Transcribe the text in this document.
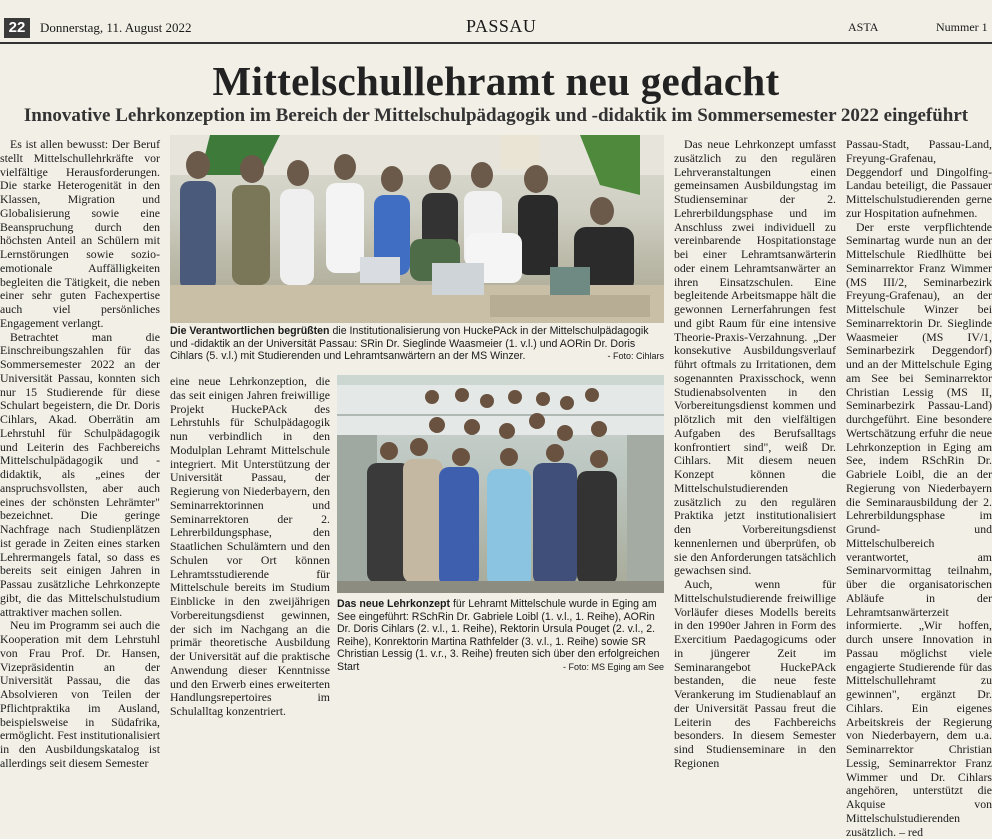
22	Donnerstag, 11. August 2022	PASSAU	ASTA	Nummer 1
Mittelschullehramt neu gedacht
Innovative Lehrkonzeption im Bereich der Mittelschulpädagogik und -didaktik im Sommersemester 2022 eingeführt

Es ist allen bewusst: Der Beruf stellt Mittelschullehrkräfte vor vielfältige Herausforderungen. Die starke Heterogenität in den Klassen, Migration und Globalisierung sowie eine Beanspruchung durch den höchsten Anteil an Schülern mit Lernstörungen sowie sozio-emotionale Auffälligkeiten begleiten die Tätigkeit, die neben einer sehr guten Fachexpertise auch viel persönliches Engagement verlangt.

Betrachtet man die Einschreibungszahlen für das Sommersemester 2022 an der Universität Passau, konnten sich nur 15 Studierende für diese Schulart begeistern, die Dr. Doris Cihlars, Akad. Oberrätin am Lehrstuhl für Schulpädagogik und Leiterin des Fachbereichs Mittelschulpädagogik und -didaktik, als „eines der anspruchsvollsten, aber auch eines der schönsten Lehrämter" bezeichnet. Die geringe Nachfrage nach Studienplätzen ist gerade in Zeiten eines starken Lehrermangels fatal, so dass es bereits seit einigen Jahren in Passau zusätzliche Lehrkonzepte gibt, die das Mittelschulstudium attraktiver machen sollen.

Neu im Programm sei auch die Kooperation mit dem Lehrstuhl von Frau Prof. Dr. Hansen, Vizepräsidentin an der Universität Passau, die das Absolvieren von Teilen der Pflichtpraktika im Ausland, beispielsweise in Südafrika, ermöglicht. Fest institutionalisiert in den Ausbildungskatalog ist allerdings seit diesem Semester

Die Verantwortlichen begrüßten die Institutionalisierung von HuckePAck in der Mittelschulpädagogik und -didaktik an der Universität Passau: SRin Dr. Sieglinde Waasmeier (1. v.l.) und AORin Dr. Doris Cihlars (5. v.l.) mit Studierenden und Lehramtsanwärtern an der MS Winzer.	- Foto: Cihlars

eine neue Lehrkonzeption, die das seit einigen Jahren freiwillige Projekt HuckePAck des Lehrstuhls für Schulpädagogik nun verbindlich in den Modulplan Lehramt Mittelschule integriert. Mit Unterstützung der Universität Passau, der Regierung von Niederbayern, den Seminarrektorinnen und Seminarrektoren der 2. Lehrerbildungsphase, den Staatlichen Schulämtern und den Schulen vor Ort können Lehramtsstudierende für Mittelschule bereits im Studium Einblicke in den zweijährigen Vorbereitungsdienst gewinnen, der sich im Nachgang an die primär theoretische Ausbildung der Universität auf die praktische Anwendung dieser Kenntnisse und den Erwerb eines erweiterten Handlungsrepertoires im Schulalltag konzentriert.

Das neue Lehrkonzept für Lehramt Mittelschule wurde in Eging am See eingeführt: RSchRin Dr. Gabriele Loibl (1. v.l., 1. Reihe), AORin Dr. Doris Cihlars (2. v.l., 1. Reihe), Rektorin Ursula Pouget (2. v.l., 2. Reihe), Konrektorin Martina Rathfelder (3. v.l., 1. Reihe) sowie SR Christian Lessig (1. v.r., 3. Reihe) freuten sich über den erfolgreichen Start	- Foto: MS Eging am See

Das neue Lehrkonzept umfasst zusätzlich zu den regulären Lehrveranstaltungen einen gemeinsamen Ausbildungstag im Studienseminar der 2. Lehrerbildungsphase und im Anschluss zwei individuell zu vereinbarende Hospitationstage bei einer Lehramtsanwärterin oder einem Lehramtsanwärter an ihren Einsatzschulen. Eine begleitende Arbeitsmappe hält die gewonnen Lernerfahrungen fest und gibt Raum für eine intensive Theorie-Praxis-Verzahnung. „Der konsekutive Ausbildungsverlauf führt oftmals zu Irritationen, dem sogenannten Praxisschock, wenn Studienabsolventen in den Vorbereitungsdienst kommen und plötzlich mit den vielfältigen Aufgaben des Berufsalltags konfrontiert sind", weiß Dr. Cihlars. Mit diesem neuen Konzept können die Mittelschulstudierenden zusätzlich zu den regulären Praktika jetzt institutionalisiert den Vorbereitungsdienst kennenlernen und überprüfen, ob sie den Anforderungen tatsächlich gewachsen sind.

Auch, wenn für Mittelschulstudierende freiwillige Vorläufer dieses Modells bereits in den 1990er Jahren in Form des Exercitium Paedagogicums oder in jüngerer Zeit im Seminarangebot HuckePAck bestanden, die neue feste Verankerung im Studienablauf an der Universität Passau freut die Leiterin des Fachbereichs besonders. In diesem Semester sind Studienseminare in den Regionen

Passau-Stadt, Passau-Land, Freyung-Grafenau, Deggendorf und Dingolfing-Landau beteiligt, die Passauer Mittelschulstudierenden gerne zur Hospitation aufnehmen.

Der erste verpflichtende Seminartag wurde nun an der Mittelschule Riedlhütte bei Seminarrektor Franz Wimmer (MS III/2, Seminarbezirk Freyung-Grafenau), an der Mittelschule Winzer bei Seminarrektorin Dr. Sieglinde Waasmeier (MS IV/1, Seminarbezirk Deggendorf) und an der Mittelschule Eging am See bei Seminarrektor Christian Lessig (MS II, Seminarbezirk Passau-Land) durchgeführt. Eine besondere Wertschätzung erfuhr die neue Lehrkonzeption in Eging am See, indem RSchRin Dr. Gabriele Loibl, die an der Regierung von Niederbayern die Seminarausbildung der 2. Lehrerbildungsphase im Grund- und Mittelschulbereich verantwortet, am Seminarvormittag teilnahm, über die organisatorischen Abläufe in der Lehramtsanwärterzeit informierte. „Wir hoffen, durch unsere Innovation in Passau möglichst viele engagierte Studierende für das Mittelschullehramt zu gewinnen", ergänzt Dr. Cihlars. Ein eigenes Arbeitskreis der Regierung von Niederbayern, dem u.a. Seminarrektor Christian Lessig, Seminarrektor Franz Wimmer und Dr. Cihlars angehören, unterstützt die Akquise von Mittelschulstudierenden zusätzlich. – red
